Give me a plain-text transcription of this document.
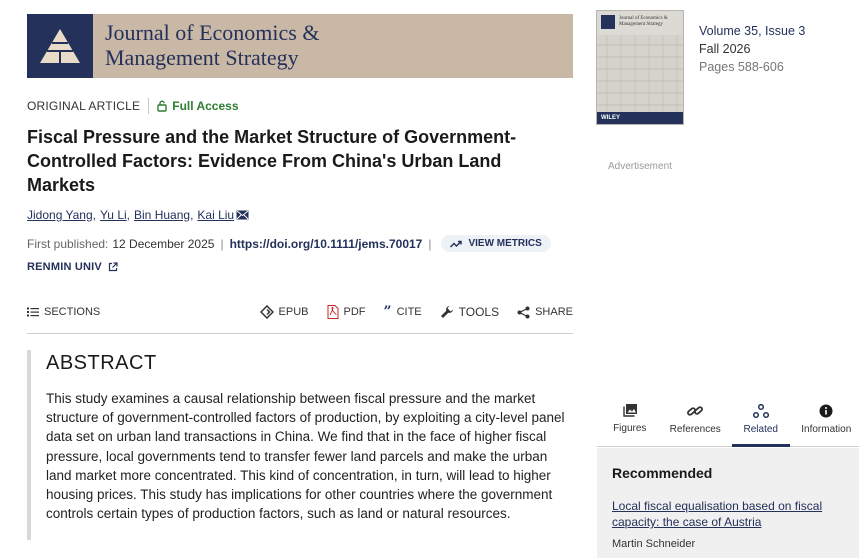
Journal of Economics &
Management Strategy
ORIGINAL ARTICLE	Full Access
Fiscal Pressure and the Market Structure of Government-Controlled Factors: Evidence From China's Urban Land Markets
Jidong Yang , Yu Li , Bin Huang , Kai Liu
First published: 12 December 2025 | https://doi.org/10.1111/jems.70017 |	VIEW METRICS
RENMIN UNIV
SECTIONS	EPUB	PDF ” CITE	TOOLS	SHARE
ABSTRACT

This study examines a causal relationship between fiscal pressure and the market structure of government-controlled factors of production, by exploiting a city-level panel data set on urban land transactions in China. We find that in the face of higher fiscal pressure, local governments tend to transfer fewer land parcels and make the urban land market more concentrated. This kind of concentration, in turn, will lead to higher housing prices. This study has implications for other countries where the government controls certain types of production factors, such as land or natural resources.

Journal of Economics & Management Strategy
WILEY
Volume 35, Issue 3
Fall 2026
Pages 588-606
Advertisement
Figures References Related Information
Recommended
Local fiscal equalisation based on fiscal capacity: the case of Austria
Martin Schneider
